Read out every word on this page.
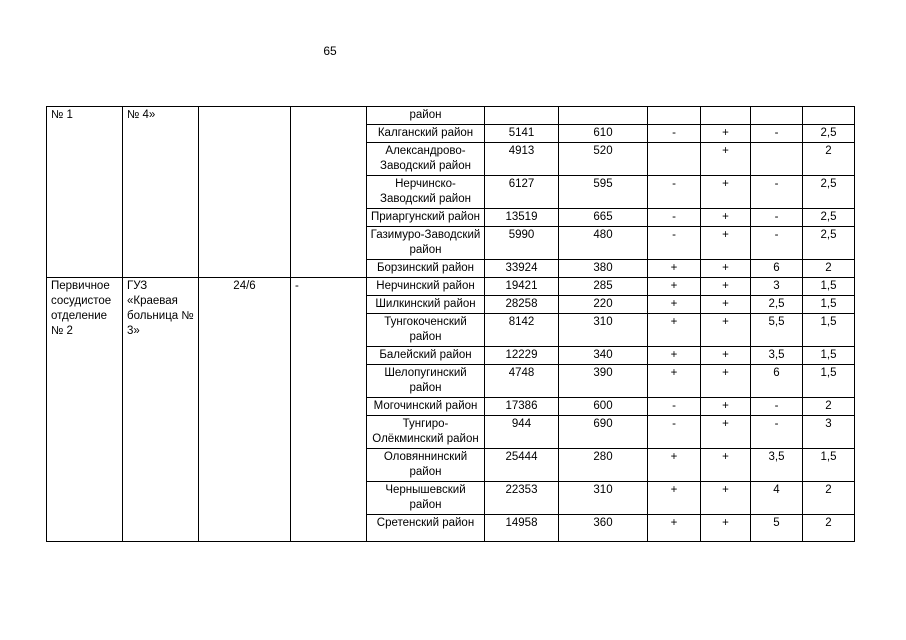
65
№ 1	№ 4»			район						
				Калганский район	5141	610	-	+	-	2,5
				Александрово-Заводский район	4913	520		+		2
				Нерчинско-Заводский район	6127	595	-	+	-	2,5
				Приаргунский район	13519	665	-	+	-	2,5
				Газимуро-Заводский район	5990	480	-	+	-	2,5
				Борзинский район	33924	380	+	+	6	2
Первичное сосудистое отделение № 2	ГУЗ «Краевая больница № 3»	24/6	-	Нерчинский район	19421	285	+	+	3	1,5
				Шилкинский район	28258	220	+	+	2,5	1,5
				Тунгокоченский район	8142	310	+	+	5,5	1,5
				Балейский район	12229	340	+	+	3,5	1,5
				Шелопугинский район	4748	390	+	+	6	1,5
				Могочинский район	17386	600	-	+	-	2
				Тунгиро-Олёкминский район	944	690	-	+	-	3
				Оловяннинский район	25444	280	+	+	3,5	1,5
				Чернышевский район	22353	310	+	+	4	2
				Сретенский район	14958	360	+	+	5	2
